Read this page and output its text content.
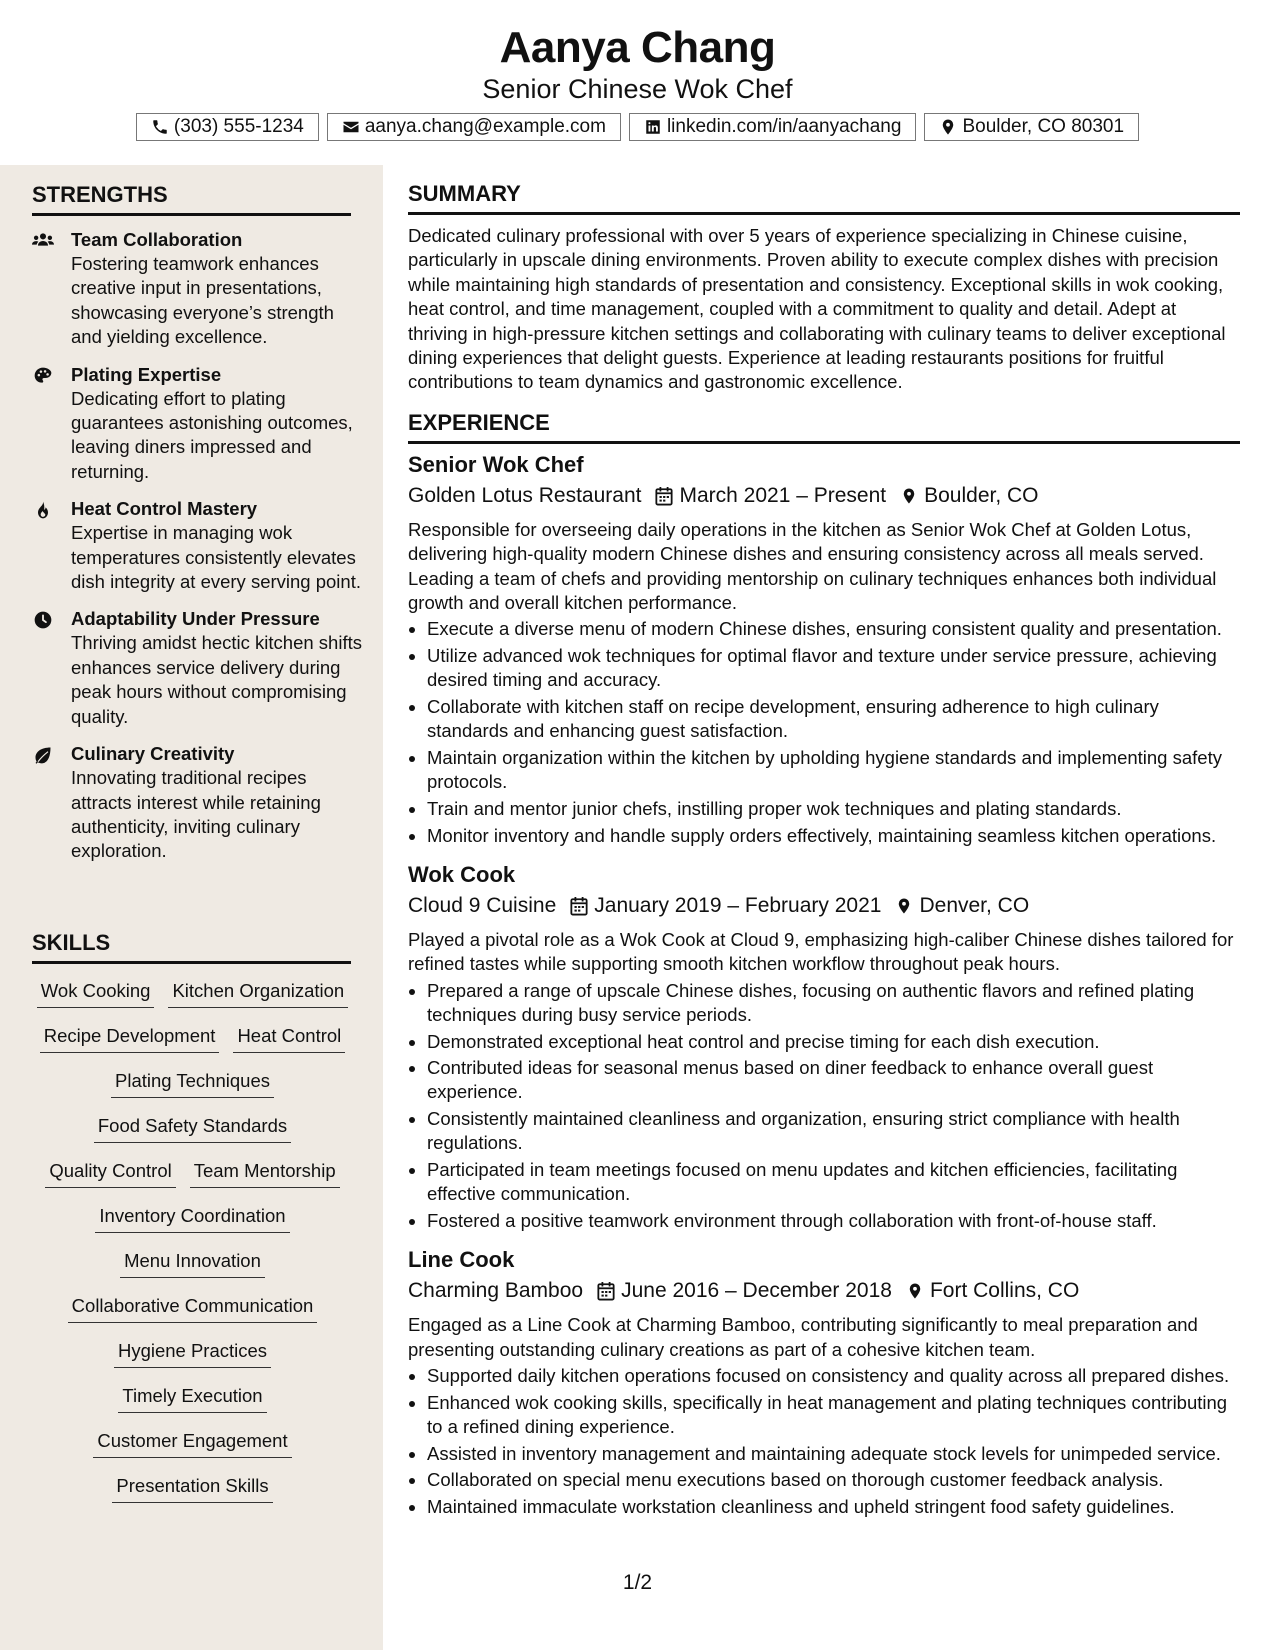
Aanya Chang
Senior Chinese Wok Chef
(303) 555-1234	aanya.chang@example.com	linkedin.com/in/aanyachang	Boulder, CO 80301
STRENGTHS
Team Collaboration
Fostering teamwork enhances creative input in presentations, showcasing everyone’s strength and yielding excellence.
Plating Expertise
Dedicating effort to plating guarantees astonishing outcomes, leaving diners impressed and returning.
Heat Control Mastery
Expertise in managing wok temperatures consistently elevates dish integrity at every serving point.
Adaptability Under Pressure
Thriving amidst hectic kitchen shifts enhances service delivery during peak hours without compromising quality.
Culinary Creativity
Innovating traditional recipes attracts interest while retaining authenticity, inviting culinary exploration.
SKILLS
Wok Cooking Kitchen Organization
Recipe Development Heat Control
Plating Techniques
Food Safety Standards
Quality Control Team Mentorship
Inventory Coordination
Menu Innovation
Collaborative Communication
Hygiene Practices
Timely Execution
Customer Engagement
Presentation Skills
SUMMARY
Dedicated culinary professional with over 5 years of experience specializing in Chinese cuisine, particularly in upscale dining environments. Proven ability to execute complex dishes with precision while maintaining high standards of presentation and consistency. Exceptional skills in wok cooking, heat control, and time management, coupled with a commitment to quality and detail. Adept at thriving in high-pressure kitchen settings and collaborating with culinary teams to deliver exceptional dining experiences that delight guests. Experience at leading restaurants positions for fruitful contributions to team dynamics and gastronomic excellence.
EXPERIENCE
Senior Wok Chef
Golden Lotus Restaurant March 2021 – Present Boulder, CO
Responsible for overseeing daily operations in the kitchen as Senior Wok Chef at Golden Lotus, delivering high-quality modern Chinese dishes and ensuring consistency across all meals served. Leading a team of chefs and providing mentorship on culinary techniques enhances both individual growth and overall kitchen performance.
• Execute a diverse menu of modern Chinese dishes, ensuring consistent quality and presentation.
• Utilize advanced wok techniques for optimal flavor and texture under service pressure, achieving desired timing and accuracy.
• Collaborate with kitchen staff on recipe development, ensuring adherence to high culinary standards and enhancing guest satisfaction.
• Maintain organization within the kitchen by upholding hygiene standards and implementing safety protocols.
• Train and mentor junior chefs, instilling proper wok techniques and plating standards.
• Monitor inventory and handle supply orders effectively, maintaining seamless kitchen operations.
Wok Cook
Cloud 9 Cuisine January 2019 – February 2021 Denver, CO
Played a pivotal role as a Wok Cook at Cloud 9, emphasizing high-caliber Chinese dishes tailored for refined tastes while supporting smooth kitchen workflow throughout peak hours.
• Prepared a range of upscale Chinese dishes, focusing on authentic flavors and refined plating techniques during busy service periods.
• Demonstrated exceptional heat control and precise timing for each dish execution.
• Contributed ideas for seasonal menus based on diner feedback to enhance overall guest experience.
• Consistently maintained cleanliness and organization, ensuring strict compliance with health regulations.
• Participated in team meetings focused on menu updates and kitchen efficiencies, facilitating effective communication.
• Fostered a positive teamwork environment through collaboration with front-of-house staff.
Line Cook
Charming Bamboo June 2016 – December 2018 Fort Collins, CO
Engaged as a Line Cook at Charming Bamboo, contributing significantly to meal preparation and presenting outstanding culinary creations as part of a cohesive kitchen team.
• Supported daily kitchen operations focused on consistency and quality across all prepared dishes.
• Enhanced wok cooking skills, specifically in heat management and plating techniques contributing to a refined dining experience.
• Assisted in inventory management and maintaining adequate stock levels for unimpeded service.
• Collaborated on special menu executions based on thorough customer feedback analysis.
• Maintained immaculate workstation cleanliness and upheld stringent food safety guidelines.
1/2
